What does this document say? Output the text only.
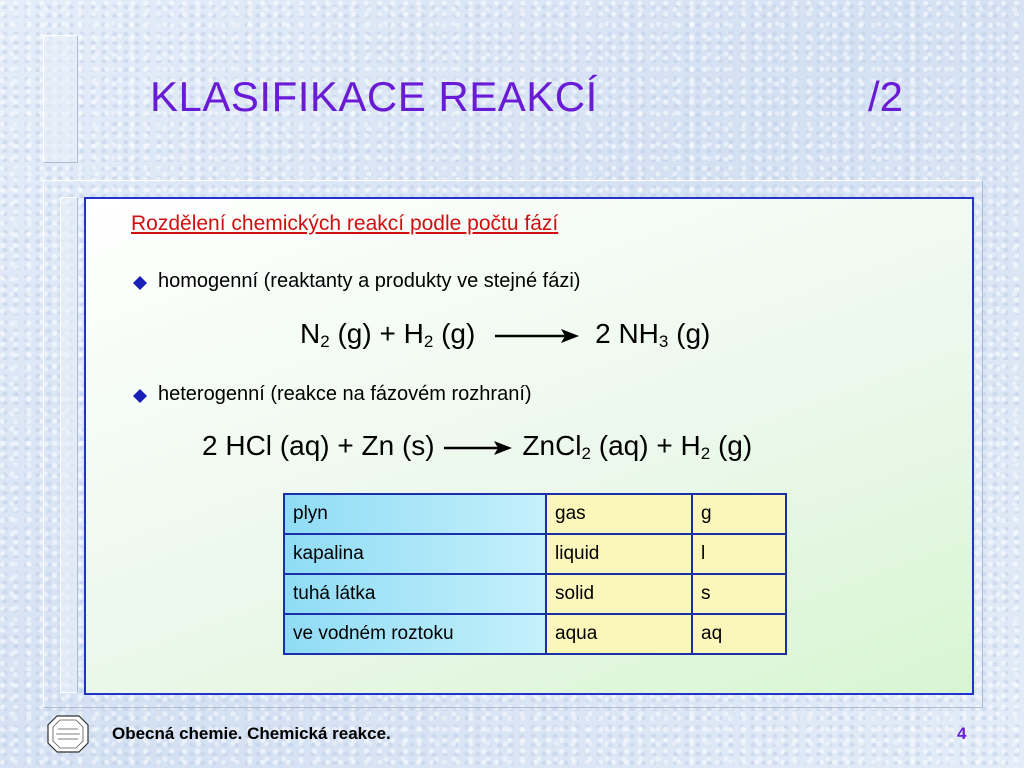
KLASIFIKACE REAKCÍ	/2
Rozdělení chemických reakcí podle počtu fází
homogenní (reaktanty a produkty ve stejné fázi)
$N_2$ $(g) + H_2$ (g) → 2 $NH_3$ (g)
heterogenní (reakce na fázovém rozhraní)
2 HCl (aq) + Zn (s) → ZnCl$_2$ $(aq) + H_2$ (g)
plyn	gas	g
kapalina	liquid	l
tuhá látka	solid	s
ve vodném roztoku	aqua	aq
Obecná chemie. Chemická reakce.	4
